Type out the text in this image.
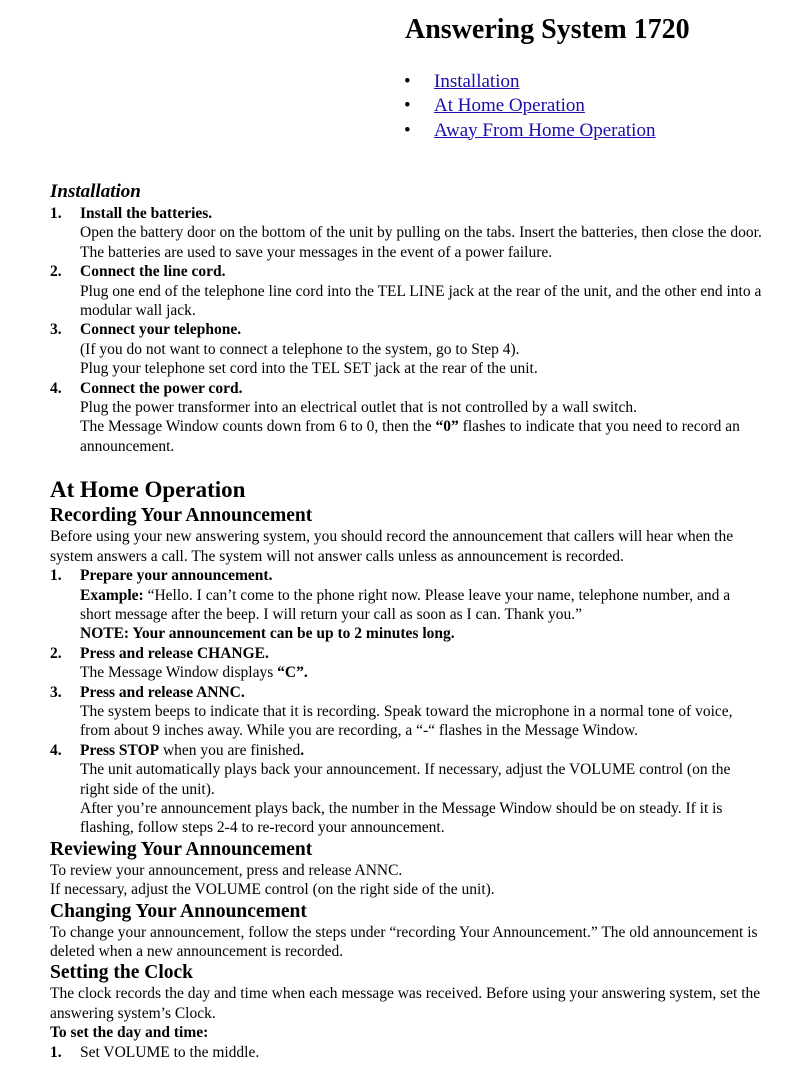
Answering System 1720
• Installation
• At Home Operation
• Away From Home Operation
Installation
1. Install the batteries.

Open the battery door on the bottom of the unit by pulling on the tabs. Insert the batteries, then close the door.

The batteries are used to save your messages in the event of a power failure.

2. Connect the line cord.

Plug one end of the telephone line cord into the TEL LINE jack at the rear of the unit, and the other end into a modular wall jack.

3. Connect your telephone.

(If you do not want to connect a telephone to the system, go to Step 4).

Plug your telephone set cord into the TEL SET jack at the rear of the unit.

4. Connect the power cord.

Plug the power transformer into an electrical outlet that is not controlled by a wall switch.

The Message Window counts down from 6 to 0, then the “0” flashes to indicate that you need to record an announcement.

At Home Operation
Recording Your Announcement

Before using your new answering system, you should record the announcement that callers will hear when the system answers a call. The system will not answer calls unless as announcement is recorded.

1. Prepare your announcement.

Example: “Hello. I can’t come to the phone right now. Please leave your name, telephone number, and a short message after the beep. I will return your call as soon as I can. Thank you.”

NOTE: Your announcement can be up to 2 minutes long.

2. Press and release CHANGE.

The Message Window displays “C”.

3. Press and release ANNC.

The system beeps to indicate that it is recording. Speak toward the microphone in a normal tone of voice, from about 9 inches away. While you are recording, a “-“ flashes in the Message Window.

4. Press STOP when you are finished.

The unit automatically plays back your announcement. If necessary, adjust the VOLUME control (on the right side of the unit).

After you’re announcement plays back, the number in the Message Window should be on steady. If it is flashing, follow steps 2-4 to re-record your announcement.

Reviewing Your Announcement

To review your announcement, press and release ANNC.

If necessary, adjust the VOLUME control (on the right side of the unit).

Changing Your Announcement

To change your announcement, follow the steps under “recording Your Announcement.” The old announcement is deleted when a new announcement is recorded.

Setting the Clock

The clock records the day and time when each message was received. Before using your answering system, set the answering system’s Clock.

To set the day and time:

1. Set VOLUME to the middle.
